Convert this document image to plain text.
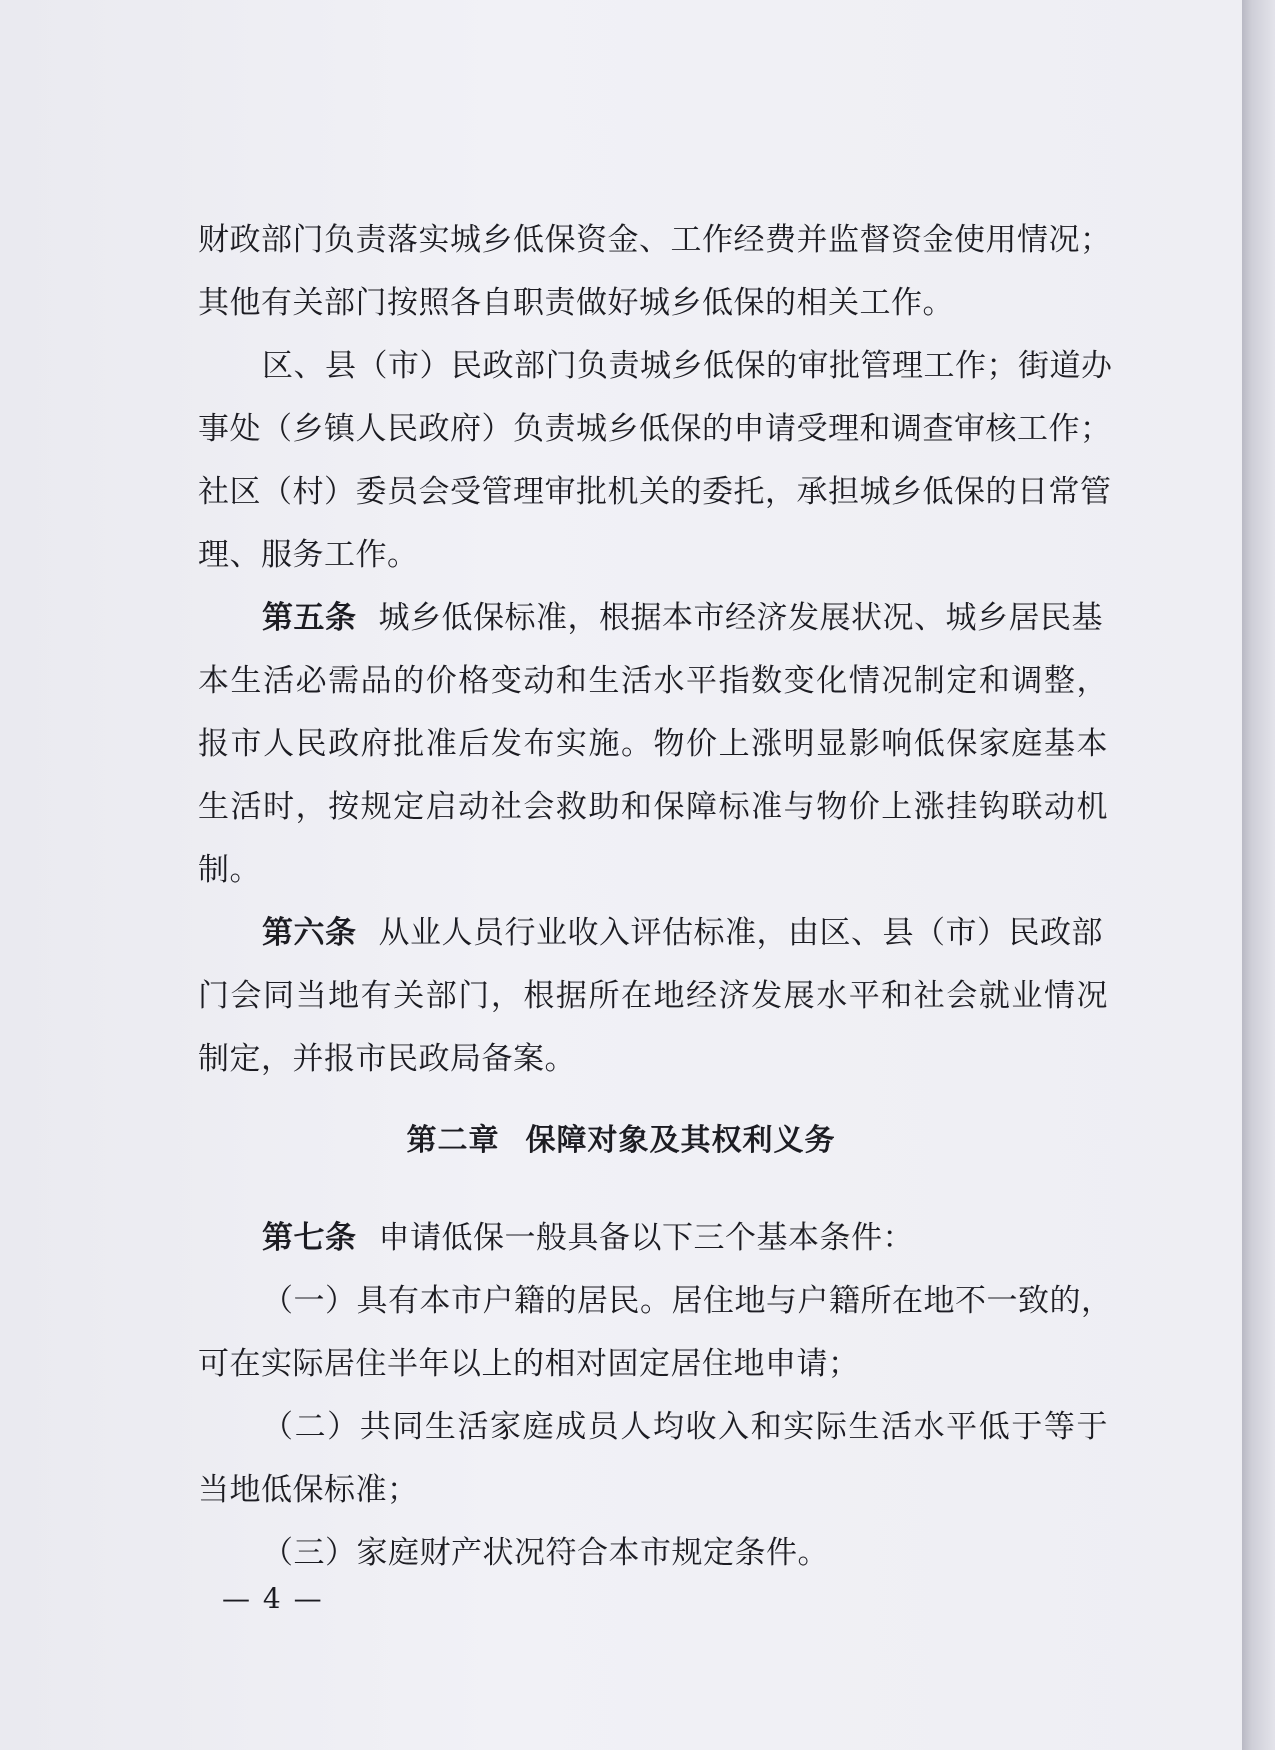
财政部门负责落实城乡低保资金、工作经费并监督资金使用情况；
其他有关部门按照各自职责做好城乡低保的相关工作。
区、县（市）民政部门负责城乡低保的审批管理工作；街道办
事处（乡镇人民政府）负责城乡低保的申请受理和调查审核工作；
社区（村）委员会受管理审批机关的委托，承担城乡低保的日常管
理、服务工作。
第五条 城乡低保标准，根据本市经济发展状况、城乡居民基
本生活必需品的价格变动和生活水平指数变化情况制定和调整，
报市人民政府批准后发布实施。物价上涨明显影响低保家庭基本
生活时，按规定启动社会救助和保障标准与物价上涨挂钩联动机
制。
第六条 从业人员行业收入评估标准，由区、县（市）民政部
门会同当地有关部门，根据所在地经济发展水平和社会就业情况
制定，并报市民政局备案。
第二章 保障对象及其权利义务
第七条 申请低保一般具备以下三个基本条件：
（一）具有本市户籍的居民。居住地与户籍所在地不一致的，
可在实际居住半年以上的相对固定居住地申请；
（二）共同生活家庭成员人均收入和实际生活水平低于等于
当地低保标准；
（三）家庭财产状况符合本市规定条件。
— 4 —
